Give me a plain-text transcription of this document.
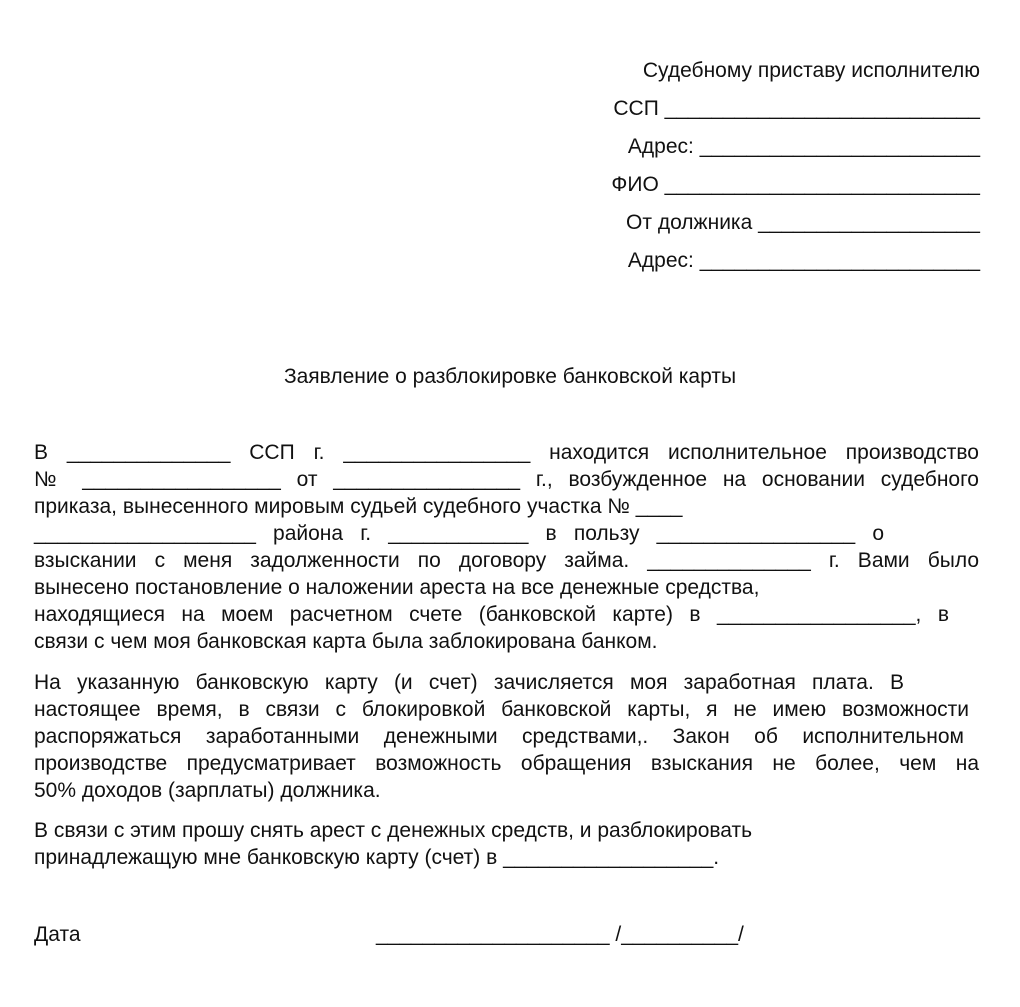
Судебному приставу исполнителю
ССП ___________________________
Адрес: ________________________
ФИО ___________________________
От должника ___________________
Адрес: ________________________
Заявление о разблокировке банковской карты
В ______________ ССП г. ________________ находится исполнительное производство
№ _________________ от ________________ г., возбужденное на основании судебного
приказа, вынесенного мировым судьей судебного участка № ____
___________________ района г. ____________ в пользу _________________ о
взыскании с меня задолженности по договору займа. ______________ г. Вами было
вынесено постановление о наложении ареста на все денежные средства,
находящиеся на моем расчетном счете (банковской карте) в _________________, в
связи с чем моя банковская карта была заблокирована банком.
На указанную банковскую карту (и счет) зачисляется моя заработная плата. В
настоящее время, в связи с блокировкой банковской карты, я не имею возможности
распоряжаться заработанными денежными средствами,. Закон об исполнительном
производстве предусматривает возможность обращения взыскания не более, чем на
50% доходов (зарплаты) должника.
В связи с этим прошу снять арест с денежных средств, и разблокировать
принадлежащую мне банковскую карту (счет) в __________________.
Дата	____________________ /__________/
